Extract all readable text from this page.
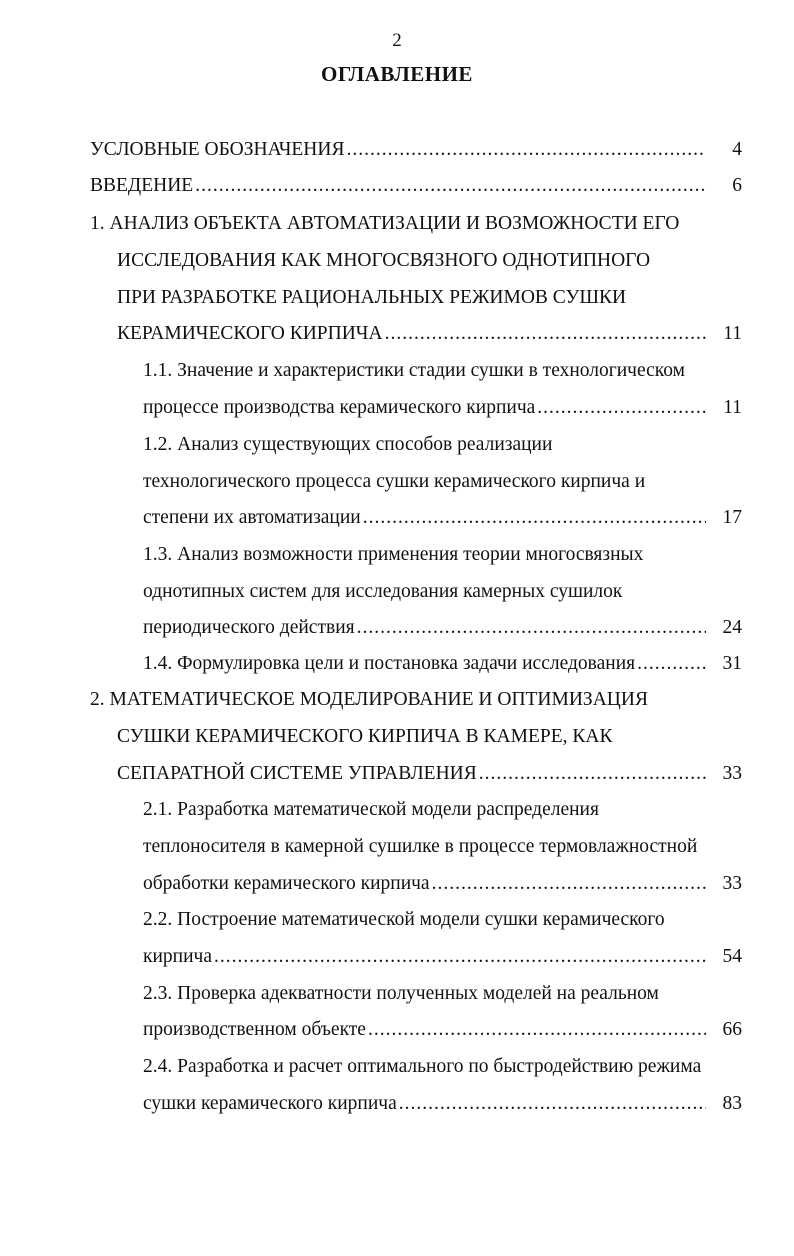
2
ОГЛАВЛЕНИЕ
УСЛОВНЫЕ ОБОЗНАЧЕНИЯ .....	4
ВВЕДЕНИЕ .....	6
1. АНАЛИЗ ОБЪЕКТА АВТОМАТИЗАЦИИ И ВОЗМОЖНОСТИ ЕГО
ИССЛЕДОВАНИЯ КАК МНОГОСВЯЗНОГО ОДНОТИПНОГО
ПРИ РАЗРАБОТКЕ РАЦИОНАЛЬНЫХ РЕЖИМОВ СУШКИ
КЕРАМИЧЕСКОГО КИРПИЧА .....	11
1.1. Значение и характеристики стадии сушки в технологическом
процессе производства керамического кирпича .....	11
1.2. Анализ существующих способов реализации
технологического процесса сушки керамического кирпича и
степени их автоматизации .....	17
1.3. Анализ возможности применения теории многосвязных
однотипных систем для исследования камерных сушилок
периодического действия .....	24
1.4. Формулировка цели и постановка задачи исследования .....	31
2. МАТЕМАТИЧЕСКОЕ МОДЕЛИРОВАНИЕ И ОПТИМИЗАЦИЯ
СУШКИ КЕРАМИЧЕСКОГО КИРПИЧА В КАМЕРЕ, КАК
СЕПАРАТНОЙ СИСТЕМЕ УПРАВЛЕНИЯ .....	33
2.1. Разработка математической модели распределения
теплоносителя в камерной сушилке в процессе термовлажностной
обработки керамического кирпича .....	33
2.2. Построение математической модели сушки керамического
кирпича .....	54
2.3. Проверка адекватности полученных моделей на реальном
производственном объекте .....	66
2.4. Разработка и расчет оптимального по быстродействию режима
сушки керамического кирпича .....	83
